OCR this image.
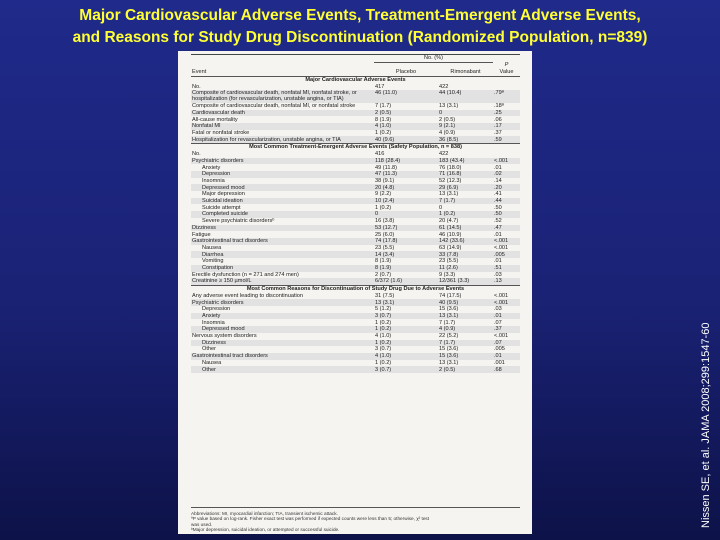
Major Cardiovascular Adverse Events, Treatment-Emergent Adverse Events,
and Reasons for Study Drug Discontinuation (Randomized Population, n=839)
Nissen SE, et al. JAMA 2008;299:1547-60
	No. (%)		
			P
Event	Placebo	Rimonabant	Value
Major Cardiovascular Adverse Events			
No.	417	422	
Composite of cardiovascular death, nonfatal MI, nonfatal stroke, or hospitalization (for revascularization, unstable angina, or TIA)	46 (11.0)	44 (10.4)	.79ª
Composite of cardiovascular death, nonfatal MI, or nonfatal stroke	7 (1.7)	13 (3.1)	.18ª
Cardiovascular death	2 (0.5)	0	.25
All-cause mortality	8 (1.9)	2 (0.5)	.06
Nonfatal MI	4 (1.0)	9 (2.1)	.17
Fatal or nonfatal stroke	1 (0.2)	4 (0.9)	.37
Hospitalization for revascularization, unstable angina, or TIA	40 (9.6)	36 (8.5)	.59
Most Common Treatment-Emergent Adverse Events (Safety Population, n = 838)			
No.	416	422	
Psychiatric disorders	118 (28.4)	183 (43.4)	<.001
Anxiety	49 (11.8)	76 (18.0)	.01
Depression	47 (11.3)	71 (16.8)	.02
Insomnia	38 (9.1)	52 (12.3)	.14
Depressed mood	20 (4.8)	29 (6.9)	.20
Major depression	9 (2.2)	13 (3.1)	.41
Suicidal ideation	10 (2.4)	7 (1.7)	.44
Suicide attempt	1 (0.2)	0	.50
Completed suicide	0	1 (0.2)	.50
Severe psychiatric disordersᵇ	16 (3.8)	20 (4.7)	.52
Dizziness	53 (12.7)	61 (14.5)	.47
Fatigue	25 (6.0)	46 (10.9)	.01
Gastrointestinal tract disorders	74 (17.8)	142 (33.6)	<.001
Nausea	23 (5.5)	63 (14.9)	<.001
Diarrhea	14 (3.4)	33 (7.8)	.005
Vomiting	8 (1.9)	23 (5.5)	.01
Constipation	8 (1.9)	11 (2.6)	.51
Erectile dysfunction (n = 271 and 274 men)	2 (0.7)	9 (3.3)	.03
Creatinine ≥ 150 µmol/L	6/372 (1.6)	12/361 (3.3)	.13
Most Common Reasons for Discontinuation of Study Drug Due to Adverse Events			
Any adverse event leading to discontinuation	31 (7.5)	74 (17.5)	<.001
Psychiatric disorders	13 (3.1)	40 (9.5)	<.001
Depression	5 (1.2)	15 (3.6)	.03
Anxiety	3 (0.7)	13 (3.1)	.01
Insomnia	1 (0.2)	7 (1.7)	.07
Depressed mood	1 (0.2)	4 (0.9)	.37
Nervous system disorders	4 (1.0)	22 (5.2)	<.001
Dizziness	1 (0.2)	7 (1.7)	.07
Other	3 (0.7)	15 (3.6)	.005
Gastrointestinal tract disorders	4 (1.0)	15 (3.6)	.01
Nausea	1 (0.2)	13 (3.1)	.001
Other	3 (0.7)	2 (0.5)	.68
Abbreviations: MI, myocardial infarction; TIA, transient ischemic attack.
ªP value based on log-rank. Fisher exact test was performed if expected counts were less than 5; otherwise, χ² test
was used.
ᵇMajor depression, suicidal ideation, or attempted or successful suicide.
